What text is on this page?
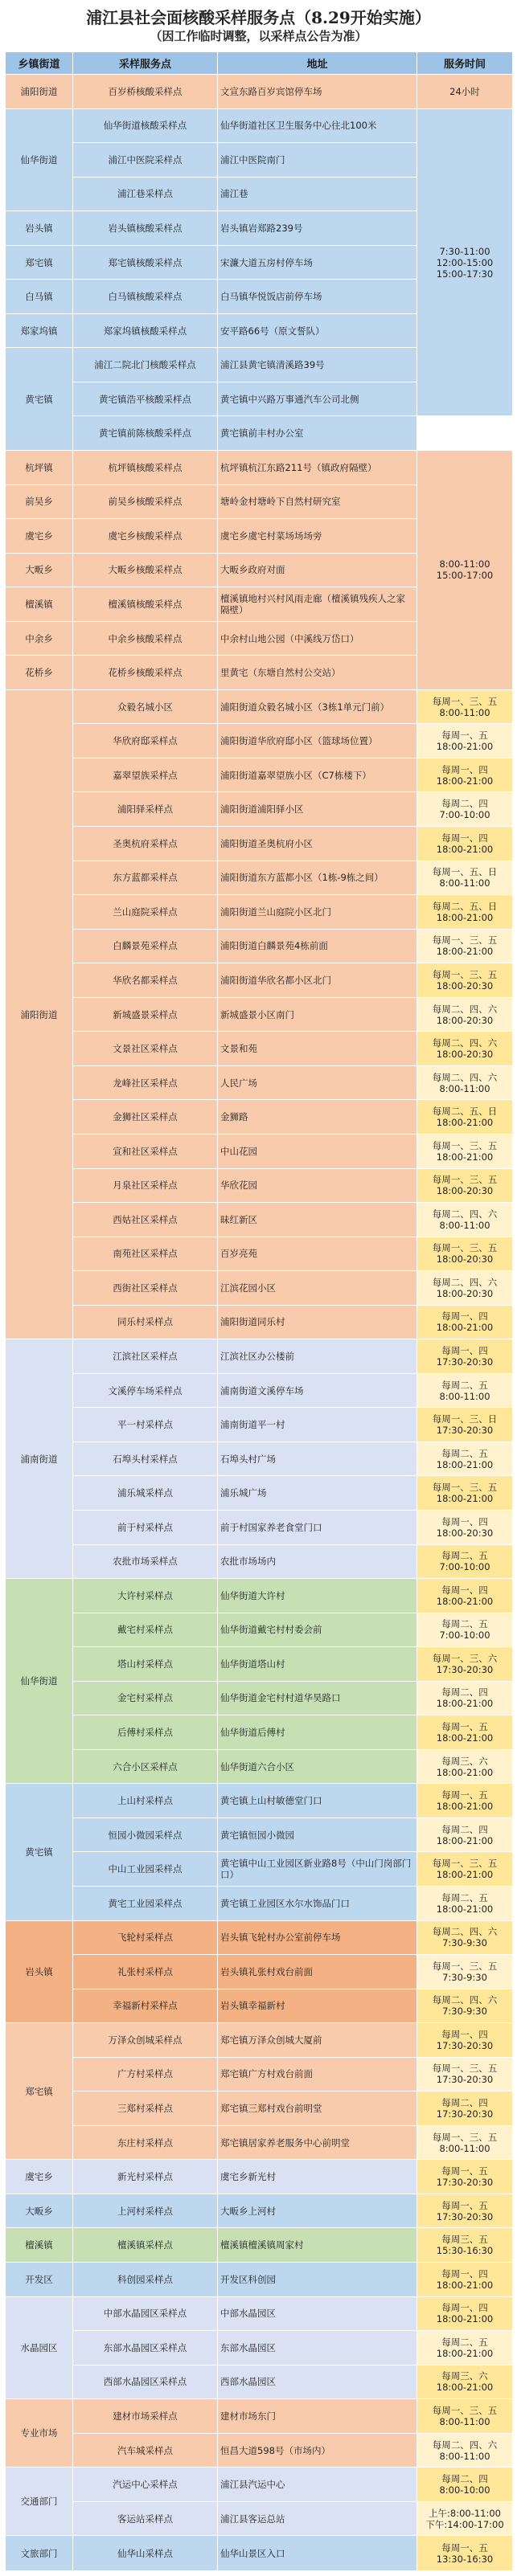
浦江县社会面核酸采样服务点（8.29开始实施）
（因工作临时调整，以采样点公告为准）
乡镇街道	采样服务点	地址	服务时间
浦阳街道	百岁桥核酸采样点	文宣东路百岁宾馆停车场	24小时
仙华街道	仙华街道核酸采样点	仙华街道社区卫生服务中心往北100米	7:30-11:00
12:00-15:00
15:00-17:30
	浦江中医院采样点	浦江中医院南门	
	浦江巷采样点	浦江巷	
岩头镇	岩头镇核酸采样点	岩头镇岩郑路239号	
郑宅镇	郑宅镇核酸采样点	宋濂大道五房村停车场	
白马镇	白马镇核酸采样点	白马镇华悦饭店前停车场	
郑家坞镇	郑家坞镇核酸采样点	安平路66号（原文誓队）	
黄宅镇	浦江二院北门核酸采样点	浦江县黄宅镇清溪路39号	
	黄宅镇浩平核酸采样点	黄宅镇中兴路万事通汽车公司北侧	
	黄宅镇前陈核酸采样点	黄宅镇前丰村办公室	
杭坪镇	杭坪镇核酸采样点	杭坪镇杭江东路211号（镇政府隔壁）	8:00-11:00
15:00-17:00
前吴乡	前吴乡核酸采样点	塘岭金村塘岭下自然村研究室	
虞宅乡	虞宅乡核酸采样点	虞宅乡虞宅村菜场场场旁	
大畈乡	大畈乡核酸采样点	大畈乡政府对面	
檀溪镇	檀溪镇核酸采样点	檀溪镇地村兴村风雨走廊（檀溪镇残疾人之家隔壁）	
中余乡	中余乡核酸采样点	中余村山地公园（中溪线万岱口）	
花桥乡	花桥乡核酸采样点	里黄宅（东塘自然村公交站）	
浦阳街道	众毅名城小区	浦阳街道众毅名城小区（3栋1单元门前）	每周一、三、五
8:00-11:00
	华欣府邸采样点	浦阳街道华欣府邸小区（篮球场位置）	每周一、五
18:00-21:00
	嘉翠望族采样点	浦阳街道嘉翠望族小区（C7栋楼下）	每周一、四
18:00-21:00
	浦阳驿采样点	浦阳街道浦阳驿小区	每周二、四
7:00-10:00
	圣奥杭府采样点	浦阳街道圣奥杭府小区	每周一、四
18:00-21:00
	东方蓝都采样点	浦阳街道东方蓝都小区（1栋-9栋之间）	每周一、五、日
8:00-11:00
	兰山庭院采样点	浦阳街道兰山庭院小区北门	每周二、五、日
18:00-21:00
	白麟景苑采样点	浦阳街道白麟景苑4栋前面	每周一、三、五
18:00-21:00
	华欣名都采样点	浦阳街道华欣名都小区北门	每周一、三、五
18:00-20:30
	新城盛景采样点	新城盛景小区南门	每周二、四、六
18:00-20:30
	文景社区采样点	文景和苑	每周二、四、六
18:00-20:30
	龙峰社区采样点	人民广场	每周二、四、六
8:00-11:00
	金狮社区采样点	金狮路	每周二、五、日
18:00-21:00
	宣和社区采样点	中山花园	每周一、三、五
18:00-21:00
	月泉社区采样点	华欣花园	每周一、三、五
18:00-20:30
	西姑社区采样点	昧红新区	每周二、四、六
8:00-11:00
	南苑社区采样点	百岁亮苑	每周一、三、五
18:00-20:30
	西街社区采样点	江滨花园小区	每周二、四、六
18:00-20:30
	同乐村采样点	浦阳街道同乐村	每周一、四
18:00-21:00
浦南街道	江滨社区采样点	江滨社区办公楼前	每周一、四
17:30-20:30
	文溪停车场采样点	浦南街道文溪停车场	每周二、五
8:00-11:00
	平一村采样点	浦南街道平一村	每周一、三、日
17:30-20:30
	石埠头村采样点	石埠头村广场	每周二、五
18:00-21:00
	浦乐城采样点	浦乐城广场	每周一、三、五
18:00-21:00
	前于村采样点	前于村国家养老食堂门口	每周一、四
18:00-20:30
	农批市场采样点	农批市场场内	每周二、五
7:00-10:00
仙华街道	大许村采样点	仙华街道大许村	每周一、四
18:00-21:00
	戴宅村采样点	仙华街道戴宅村村委会前	每周二、五
7:00-10:00
	塔山村采样点	仙华街道塔山村	每周一、三、六
17:30-20:30
	金宅村采样点	仙华街道金宅村村道华昊路口	每周二、四
18:00-21:00
	后傅村采样点	仙华街道后傅村	每周一、五
18:00-21:00
	六合小区采样点	仙华街道六合小区	每周三、六
18:00-21:00
黄宅镇	上山村采样点	黄宅镇上山村敏德堂门口	每周一、五
18:00-21:00
	恒园小微园采样点	黄宅镇恒园小微园	每周二、四
18:00-21:00
	中山工业园采样点	黄宅镇中山工业园区新业路8号（中山门岗部门口）	每周一、三、五
18:00-21:00
	黄宅工业园采样点	黄宅镇工业园区水尔水饰品门口	每周二、五
18:00-21:00
岩头镇	飞轮村采样点	岩头镇飞轮村办公室前停车场	每周二、四、六
7:30-9:30
	礼张村采样点	岩头镇礼张村戏台前面	每周一、三、五
7:30-9:30
	幸福新村采样点	岩头镇幸福新村	每周二、四、六
7:30-9:30
郑宅镇	万泽众创城采样点	郑宅镇万泽众创城大厦前	每周一、四
17:30-20:30
	广方村采样点	郑宅镇广方村戏台前面	每周一、三、五
17:30-20:30
	三郑村采样点	郑宅镇三郑村戏台前明堂	每周二、四
17:30-20:30
	东庄村采样点	郑宅镇居家养老服务中心前明堂	每周一、三、五
8:00-11:00
虞宅乡	新光村采样点	虞宅乡新光村	每周一、五
17:30-20:30
大畈乡	上河村采样点	大畈乡上河村	每周一、五
17:30-20:30
檀溪镇	檀溪镇采样点	檀溪镇檀溪镇周家村	每周三、五
15:30-16:30
开发区	科创园采样点	开发区科创园	每周一、四
18:00-21:00
水晶园区	中部水晶园区采样点	中部水晶园区	每周一、四
18:00-21:00
	东部水晶园区采样点	东部水晶园区	每周二、五
18:00-21:00
	西部水晶园区采样点	西部水晶园区	每周三、六
18:00-21:00
专业市场	建材市场采样点	建材市场东门	每周一、三、五
8:00-11:00
	汽车城采样点	恒昌大道598号（市场内）	每周二、四、六
8:00-11:00
交通部门	汽运中心采样点	浦江县汽运中心	每周二、四
8:00-10:00
	客运站采样点	浦江县客运总站	上午:8:00-11:00
下午:14:00-17:00
文旅部门	仙华山采样点	仙华山景区入口	每周一、五
13:30-16:30
